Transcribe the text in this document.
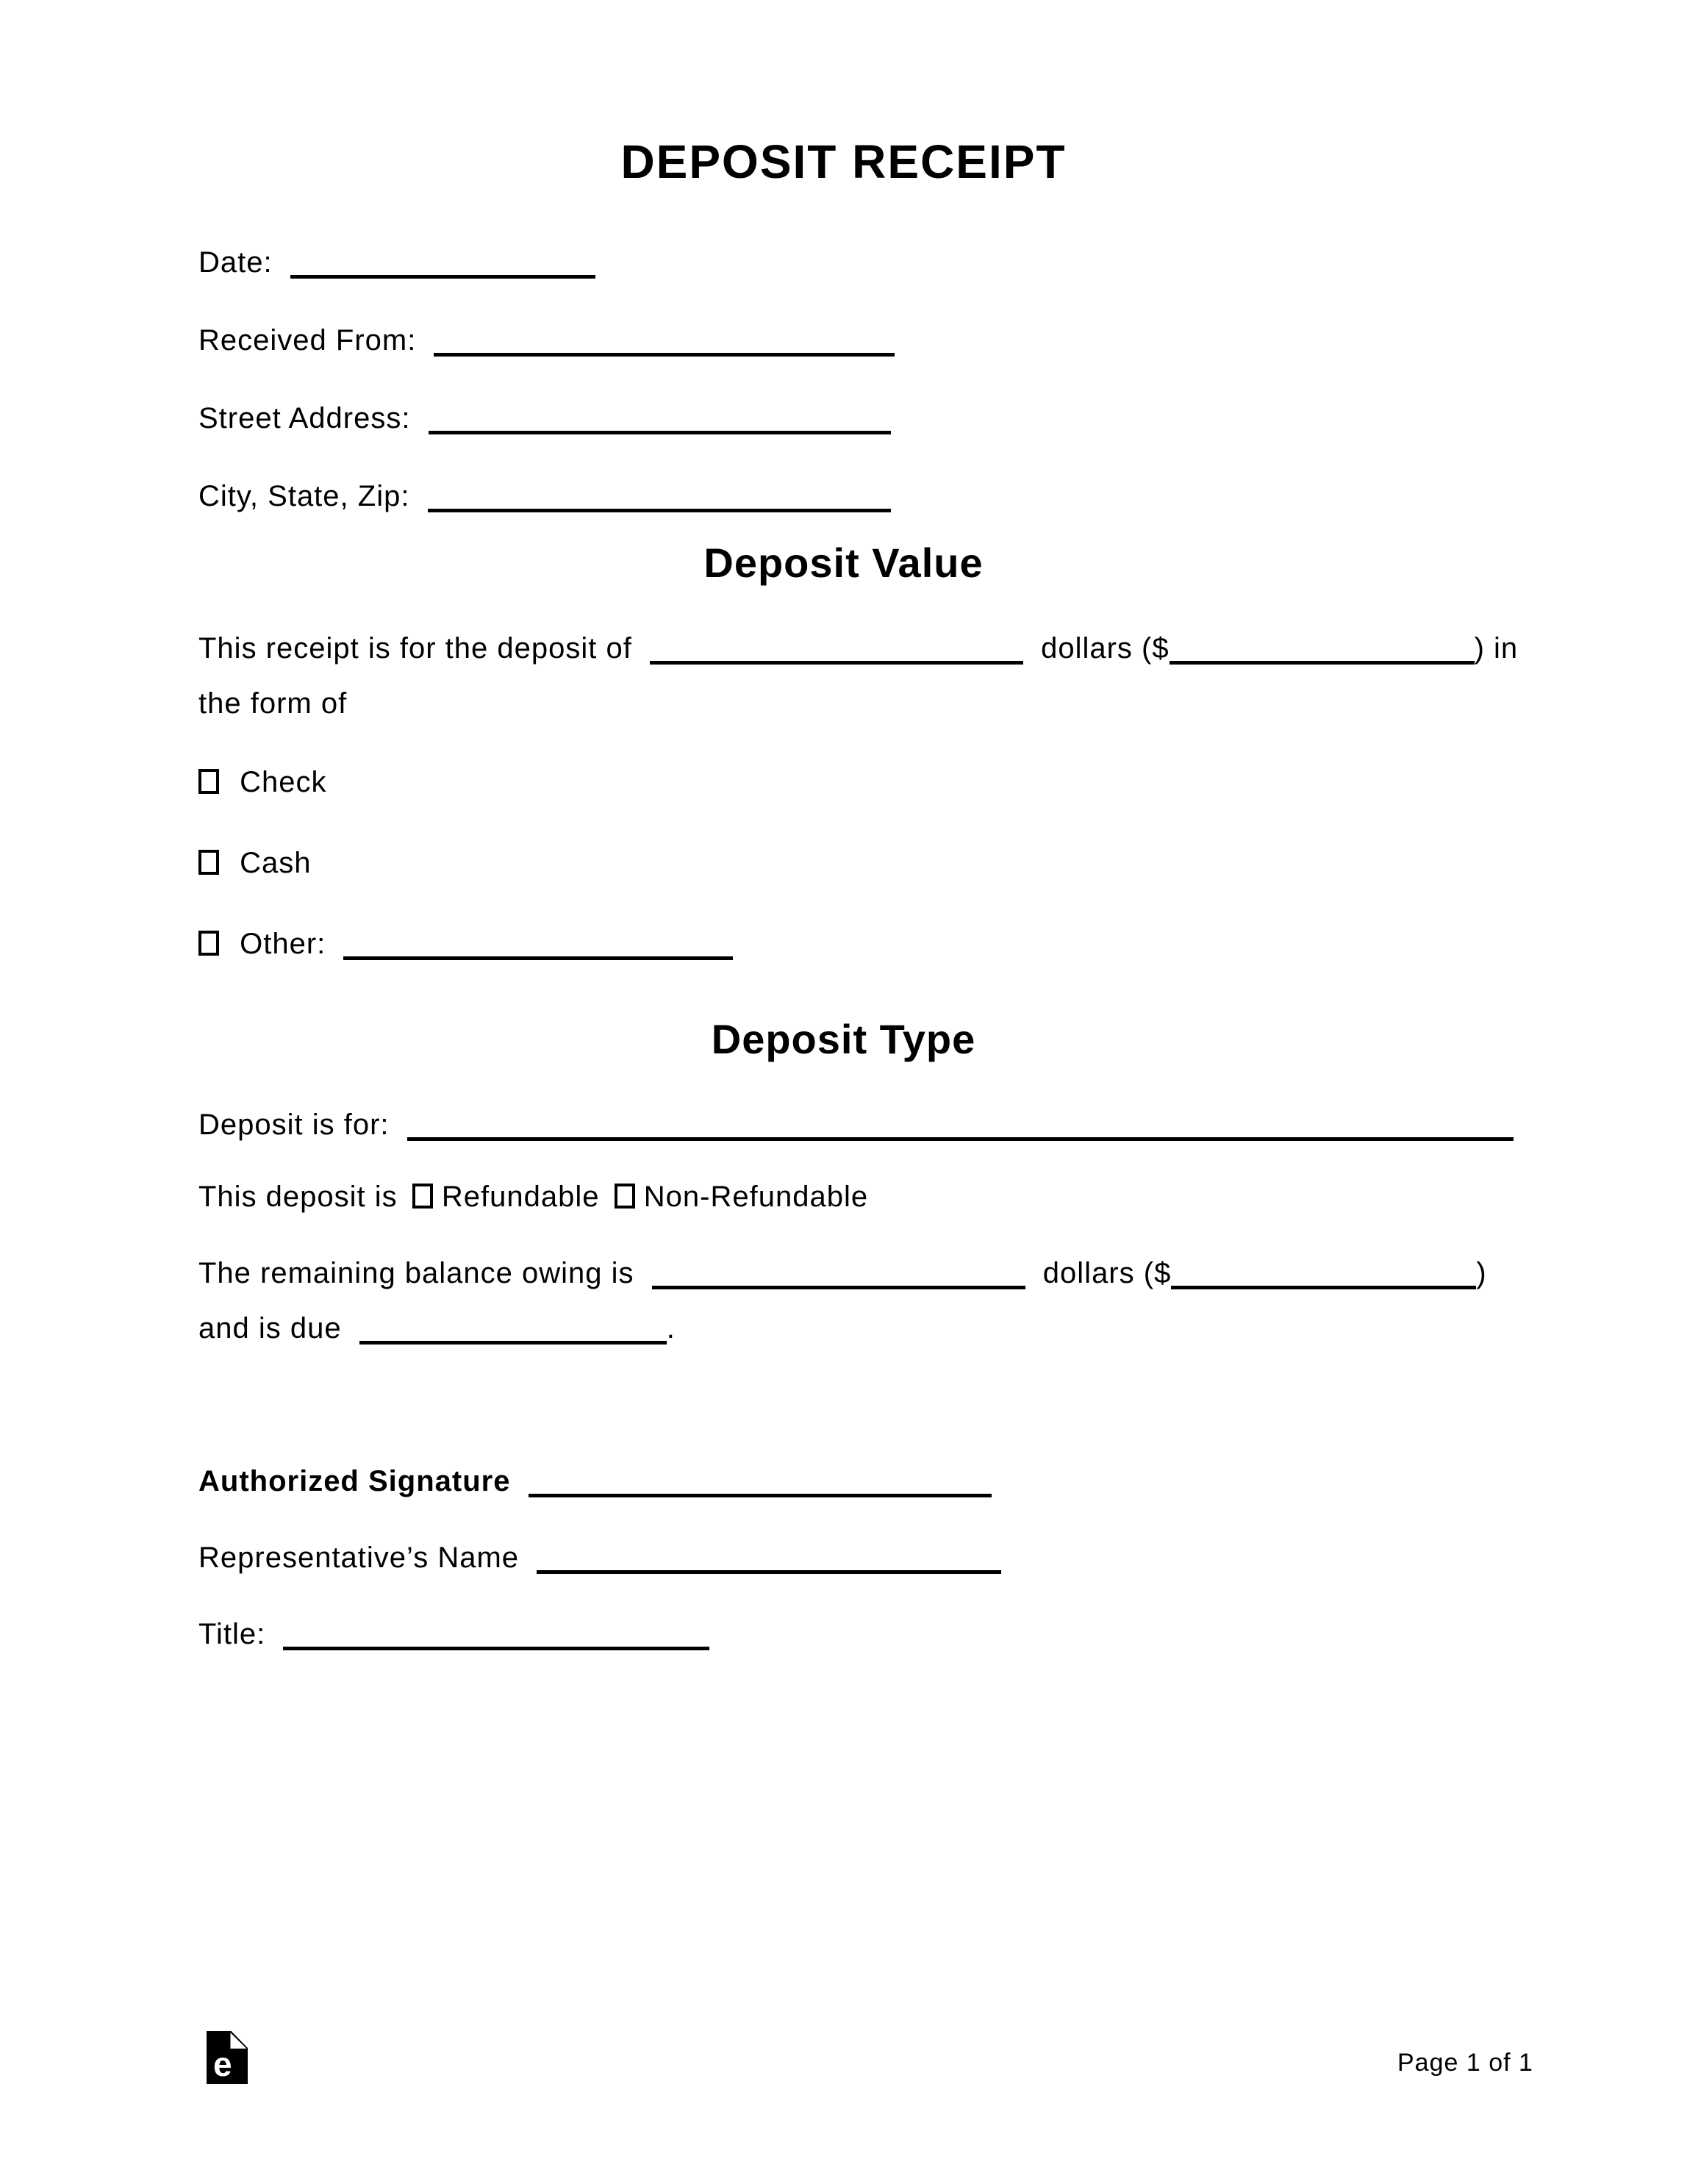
DEPOSIT RECEIPT
Date:
Received From:
Street Address:
City, State, Zip:
Deposit Value
This receipt is for the deposit of	dollars ($	) in
the form of
Check
Cash
Other:
Deposit Type
Deposit is for:
This deposit is Refundable Non-Refundable
The remaining balance owing is	dollars ($	)
and is due	.
Authorized Signature
Representative’s Name
Title:
e	Page 1 of 1
